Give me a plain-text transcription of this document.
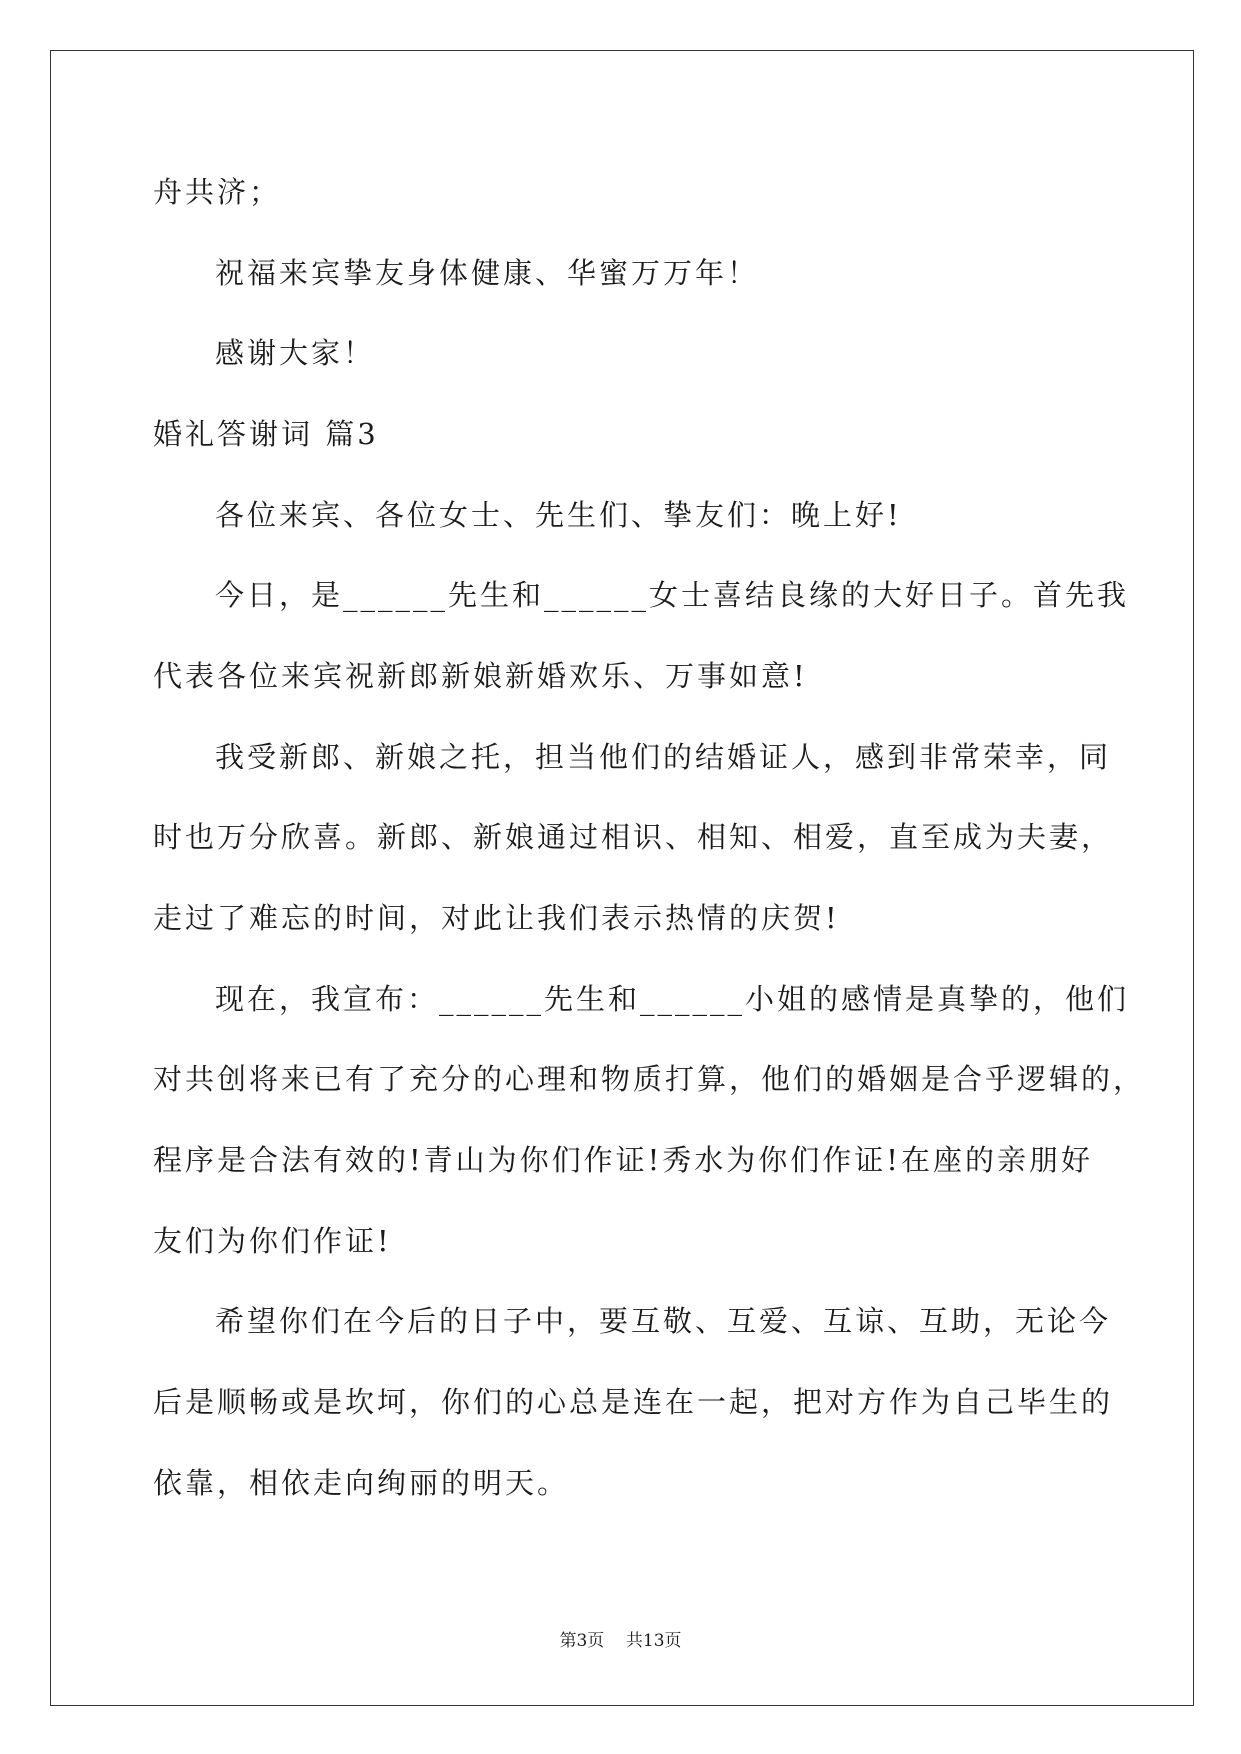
舟共济；
祝福来宾挚友身体健康、华蜜万万年！
感谢大家！
婚礼答谢词 篇3
各位来宾、各位女士、先生们、挚友们：晚上好!
今日，是______先生和______女士喜结良缘的大好日子。首先我
代表各位来宾祝新郎新娘新婚欢乐、万事如意!
我受新郎、新娘之托，担当他们的结婚证人，感到非常荣幸，同
时也万分欣喜。新郎、新娘通过相识、相知、相爱，直至成为夫妻，
走过了难忘的时间，对此让我们表示热情的庆贺!
现在，我宣布：______先生和______小姐的感情是真挚的，他们
对共创将来已有了充分的心理和物质打算，他们的婚姻是合乎逻辑的，
程序是合法有效的!青山为你们作证!秀水为你们作证!在座的亲朋好
友们为你们作证!
希望你们在今后的日子中，要互敬、互爱、互谅、互助，无论今
后是顺畅或是坎坷，你们的心总是连在一起，把对方作为自己毕生的
依靠，相依走向绚丽的明天。
第3页    共13页
